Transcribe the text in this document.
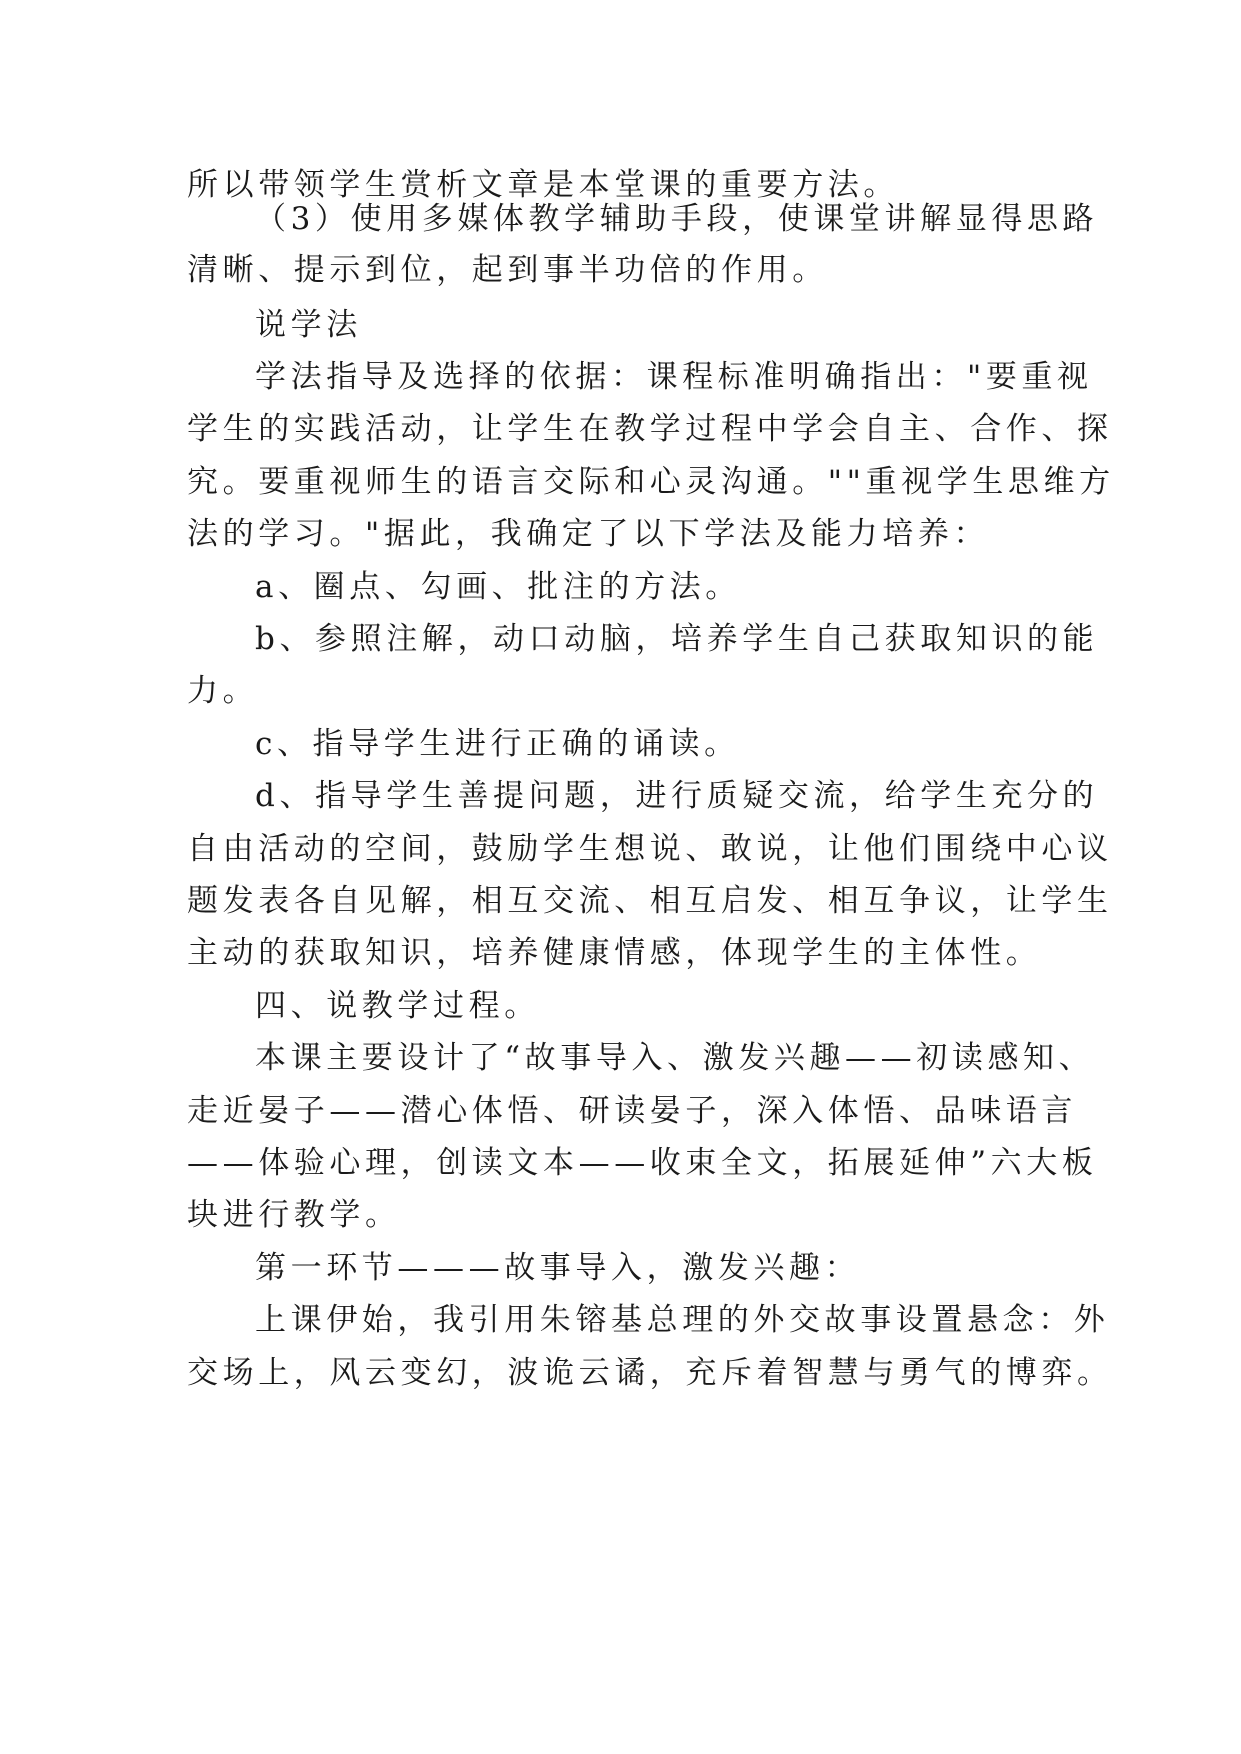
所以带领学生赏析文章是本堂课的重要方法。
（3）使用多媒体教学辅助手段，使课堂讲解显得思路
清晰、提示到位，起到事半功倍的作用。
说学法
学法指导及选择的依据：课程标准明确指出："要重视
学生的实践活动，让学生在教学过程中学会自主、合作、探
究。要重视师生的语言交际和心灵沟通。""重视学生思维方
法的学习。"据此，我确定了以下学法及能力培养：
a、圈点、勾画、批注的方法。
b、参照注解，动口动脑，培养学生自己获取知识的能
力。
c、指导学生进行正确的诵读。
d、指导学生善提问题，进行质疑交流，给学生充分的
自由活动的空间，鼓励学生想说、敢说，让他们围绕中心议
题发表各自见解，相互交流、相互启发、相互争议，让学生
主动的获取知识，培养健康情感，体现学生的主体性。
四、说教学过程。
本课主要设计了“故事导入、激发兴趣——初读感知、
走近晏子——潜心体悟、研读晏子，深入体悟、品味语言
——体验心理，创读文本——收束全文，拓展延伸”六大板
块进行教学。
第一环节———故事导入，激发兴趣：
上课伊始，我引用朱镕基总理的外交故事设置悬念：外
交场上，风云变幻，波诡云谲，充斥着智慧与勇气的博弈。
